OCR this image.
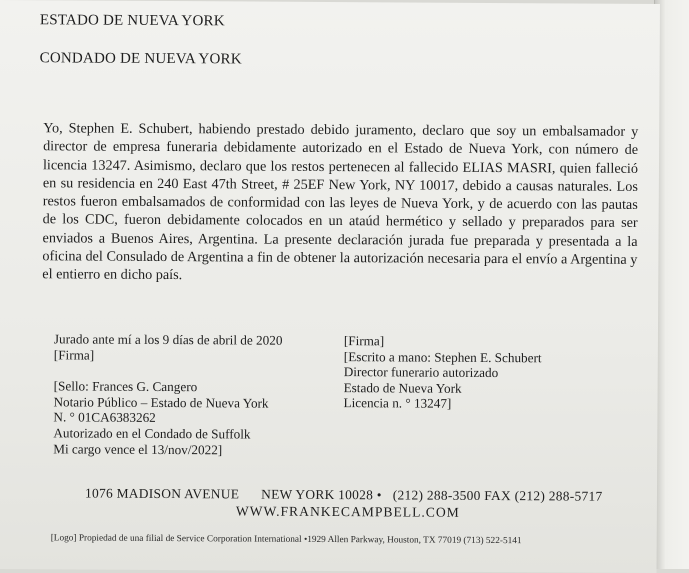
ESTADO DE NUEVA YORK
CONDADO DE NUEVA YORK
Yo, Stephen E. Schubert, habiendo prestado debido juramento, declaro que soy un embalsamador y director de empresa funeraria debidamente autorizado en el Estado de Nueva York, con número de licencia 13247. Asimismo, declaro que los restos pertenecen al fallecido ELIAS MASRI, quien falleció en su residencia en 240 East 47th Street, # 25EF New York, NY 10017, debido a causas naturales. Los restos fueron embalsamados de conformidad con las leyes de Nueva York, y de acuerdo con las pautas de los CDC, fueron debidamente colocados en un ataúd hermético y sellado y preparados para ser enviados a Buenos Aires, Argentina. La presente declaración jurada fue preparada y presentada a la oficina del Consulado de Argentina a fin de obtener la autorización necesaria para el envío a Argentina y el entierro en dicho país.
Jurado ante mí a los 9 días de abril de 2020
[Firma]
[Sello: Frances G. Cangero
Notario Público – Estado de Nueva York
N. ° 01CA6383262
Autorizado en el Condado de Suffolk
Mi cargo vence el 13/nov/2022]
[Firma]
[Escrito a mano: Stephen E. Schubert
Director funerario autorizado
Estado de Nueva York
Licencia n. ° 13247]
1076 MADISON AVENUE NEW YORK 10028 • (212) 288-3500 FAX (212) 288-5717
WWW.FRANKECAMPBELL.COM
[Logo] Propiedad de una filial de Service Corporation International •1929 Allen Parkway, Houston, TX 77019 (713) 522-5141
